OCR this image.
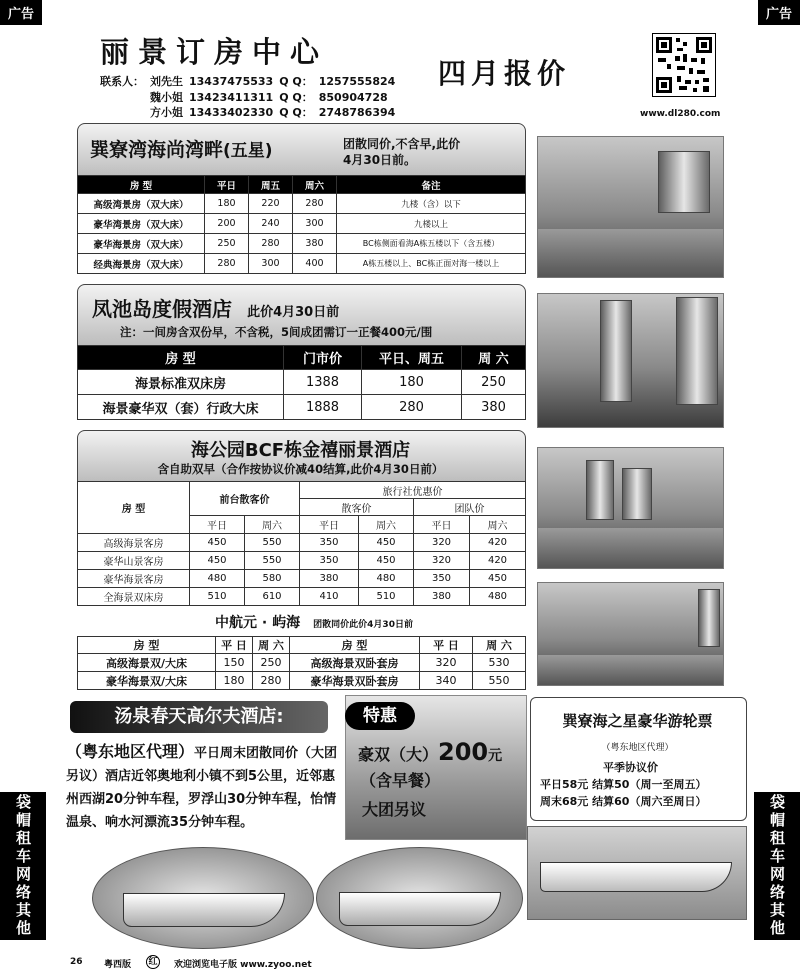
广告	广告
袋帽租车网络其他	袋帽租车网络其他
丽景订房中心
联系人：	刘先生	13437475533	Q Q：	1257555824
	魏小姐	13423411311	Q Q：	850904728
	方小姐	13433402330	Q Q：	2748786394
四月报价
www.dl280.com
巽寮湾海尚湾畔(五星)	团散同价,不含早,此价
4月30日前。
房 型	平日	周五	周六	备注
高级湾景房（双大床）	180	220	280	九楼（含）以下
豪华湾景房（双大床）	200	240	300	九楼以上
豪华海景房（双大床）	250	280	380	BC栋侧面看海A栋五楼以下（含五楼）
经典海景房（双大床）	280	300	400	A栋五楼以上、BC栋正面对海一楼以上
凤池岛度假酒店 此价4月30日前
注：一间房含双份早，不含税，5间成团需订一正餐400元/围
房 型	门市价	平日、周五	周 六
海景标准双床房	1388	180	250
海景豪华双（套）行政大床	1888	280	380
海公园BCF栋金禧丽景酒店
含自助双早（合作按协议价减40结算,此价4月30日前）
房 型	前台散客价		旅行社优惠价			
			散客价		团队价	
	平日	周六	平日	周六	平日	周六
高级海景客房	450	550	350	450	320	420
豪华山景客房	450	550	350	450	320	420
豪华海景客房	480	580	380	480	350	450
全海景双床房	510	610	410	510	380	480
中航元 · 屿海 团散同价此价4月30日前
房 型	平 日	周 六	房 型	平 日	周 六
高级海景双/大床	150	250	高级海景双卧套房	320	530
豪华海景双/大床	180	280	豪华海景双卧套房	340	550
汤泉春天高尔夫酒店:
（粤东地区代理）平日周末团散同价（大团另议）酒店近邻奥地利小镇不到5公里，近邻惠州西湖20分钟车程，罗浮山30分钟车程，怡情温泉、响水河漂流35分钟车程。
特惠
豪双（大）200元
（含早餐）
大团另议
巽寮海之星豪华游轮票
（粤东地区代理）
平季协议价
平日58元 结算50（周一至周五）
周末68元 结算60（周六至周日）
26 粤西版 红 欢迎浏览电子版 www.zyoo.net
